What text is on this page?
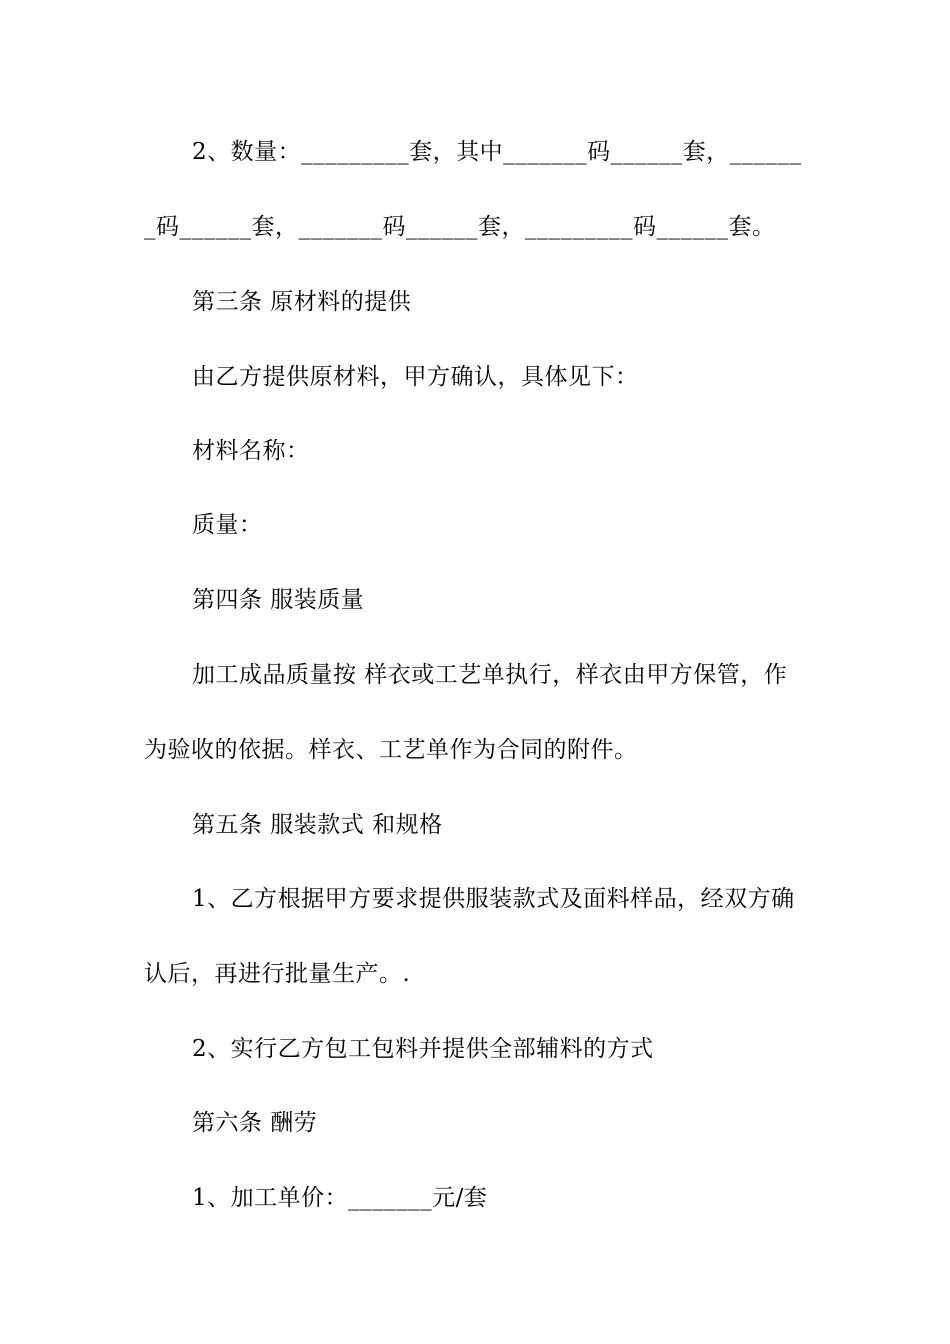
2、数量：_________套，其中_______码______套，______
_码______套，_______码______套，_________码______套。
第三条 原材料的提供
由乙方提供原材料，甲方确认，具体见下：
材料名称：
质量：
第四条 服装质量
加工成品质量按 样衣或工艺单执行，样衣由甲方保管，作
为验收的依据。样衣、工艺单作为合同的附件。
第五条 服装款式 和规格
1、乙方根据甲方要求提供服装款式及面料样品，经双方确
认后，再进行批量生产。.
2、实行乙方包工包料并提供全部辅料的方式
第六条 酬劳
1、加工单价：_______元/套
